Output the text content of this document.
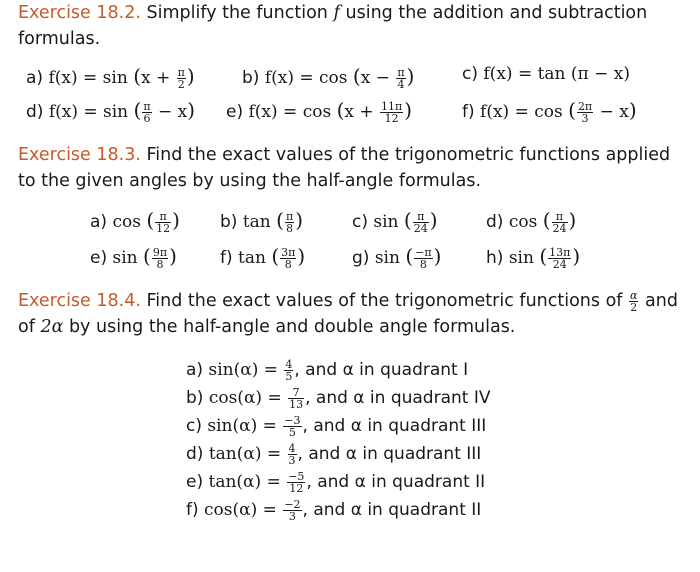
Exercise 18.2. Simplify the function f using the addition and subtraction
formulas.
a) $f(x) = \sin (x + \frac{\pi}{2}$ )	b) $f(x) = \cos (x - \frac{\pi}{4}$ )	c) f(x) = tan (π − x)
d) f(x) = sin ( $\frac{\pi}{6} - x$) e) $f(x) = \cos (x + \frac{11\pi}{12}$ )	f) f(x) = cos ( $\frac{2\pi}{3} - x$)
Exercise 18.3. Find the exact values of the trigonometric functions applied
to the given angles by using the half-angle formulas.
a) cos ( $\frac{\pi}{12}$ ) b) tan ( $\frac{\pi}{8}$ )	c) sin ( $\frac{\pi}{24}$ )	d) cos ( $\frac{\pi}{24}$ )
e) sin ( $\frac{9\pi}{8}$ )	f) tan ( $\frac{3\pi}{8}$ )	g) sin ( $\frac{-\pi}{8}$ )	h) sin ( $\frac{13\pi}{24}$ )
Exercise 18.4. Find the exact values of the trigonometric functions of $\frac{\alpha}{2}$ and
of 2α by using the half-angle and double angle formulas.
a) $\sin(\alpha) = \frac{4}{5}$ , and α in quadrant I
b) $\cos(\alpha) = \frac{7}{13}$ , and α in quadrant IV
c) $\sin(\alpha) = \frac{-3}{5}$ , and α in quadrant III
d) $\tan(\alpha) = \frac{4}{3}$ , and α in quadrant III
e) $\tan(\alpha) = \frac{-5}{12}$ , and α in quadrant II
f) $\cos(\alpha) = \frac{-2}{3}$ , and α in quadrant II
